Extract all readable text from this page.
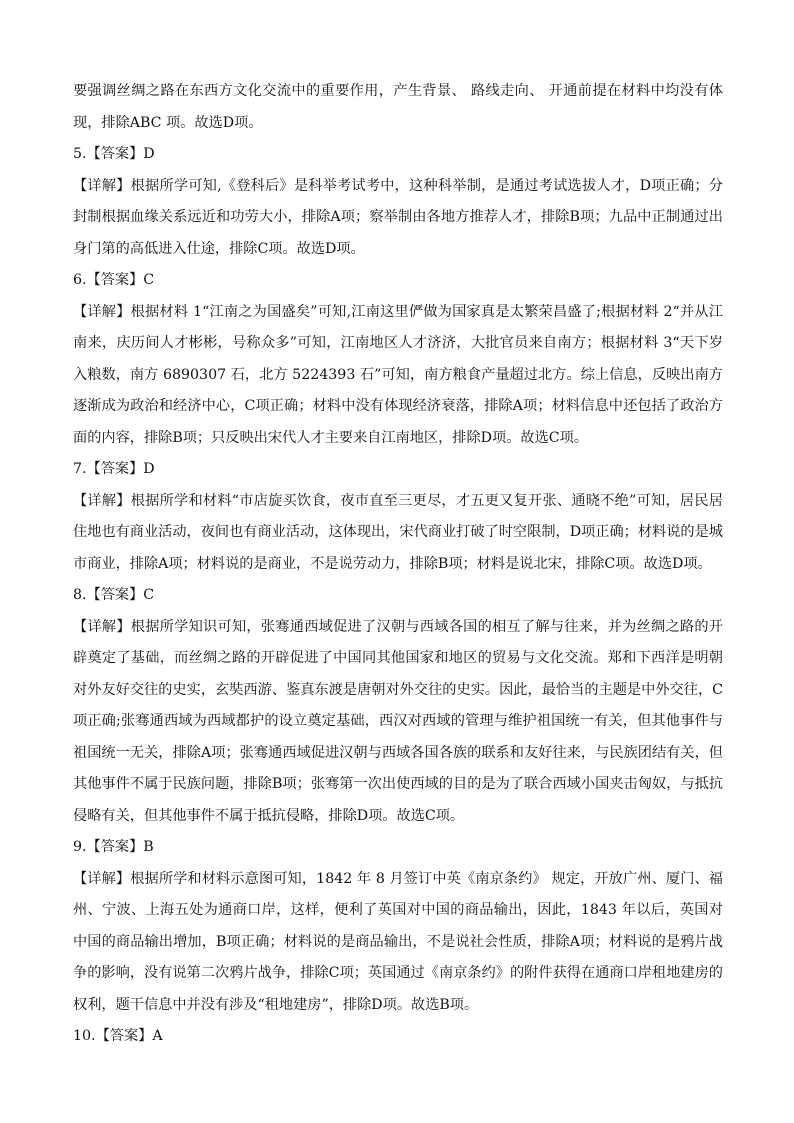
要强调丝绸之路在东西方文化交流中的重要作用，产生背景、 路线走向、 开通前提在材料中均没有体现，排除ABC 项。故选D项。

5.【答案】D

【详解】根据所学可知,《登科后》是科举考试考中，这种科举制，是通过考试选拔人才，D项正确；分封制根据血缘关系远近和功劳大小，排除A项；察举制由各地方推荐人才，排除B项；九品中正制通过出身门第的高低进入仕途，排除C项。故选D项。

6.【答案】C

【详解】根据材料 1“江南之为国盛矣”可知,江南这里俨做为国家真是太繁荣昌盛了;根据材料 2“并从江南来，庆历间人才彬彬，号称众多”可知，江南地区人才济济，大批官员来自南方；根据材料 3“天下岁入粮数，南方 6890307 石，北方 5224393 石”可知，南方粮食产量超过北方。综上信息，反映出南方逐渐成为政治和经济中心，C项正确；材料中没有体现经济衰落，排除A项；材料信息中还包括了政治方面的内容，排除B项；只反映出宋代人才主要来自江南地区，排除D项。故选C项。

7.【答案】D

【详解】根据所学和材料“市店旋买饮食，夜市直至三更尽，才五更又复开张、通晓不绝”可知，居民居住地也有商业活动，夜间也有商业活动，这体现出，宋代商业打破了时空限制，D项正确；材料说的是城市商业，排除A项；材料说的是商业，不是说劳动力，排除B项；材料是说北宋，排除C项。故选D项。

8.【答案】C

【详解】根据所学知识可知，张骞通西域促进了汉朝与西域各国的相互了解与往来，并为丝绸之路的开辟奠定了基础，而丝绸之路的开辟促进了中国同其他国家和地区的贸易与文化交流。郑和下西洋是明朝对外友好交往的史实，玄奘西游、鉴真东渡是唐朝对外交往的史实。因此，最恰当的主题是中外交往，C项正确;张骞通西域为西域都护的设立奠定基础，西汉对西域的管理与维护祖国统一有关，但其他事件与祖国统一无关，排除A项；张骞通西域促进汉朝与西域各国各族的联系和友好往来，与民族团结有关，但其他事件不属于民族问题，排除B项；张骞第一次出使西域的目的是为了联合西域小国夹击匈奴，与抵抗侵略有关，但其他事件不属于抵抗侵略，排除D项。故选C项。

9.【答案】B

【详解】根据所学和材料示意图可知，1842 年 8 月签订中英《南京条约》 规定，开放广州、厦门、福州、宁波、上海五处为通商口岸，这样，便利了英国对中国的商品输出，因此，1843 年以后，英国对中国的商品输出增加，B项正确；材料说的是商品输出，不是说社会性质，排除A项；材料说的是鸦片战争的影响，没有说第二次鸦片战争，排除C项；英国通过《南京条约》的附件获得在通商口岸租地建房的权利，题干信息中并没有涉及“租地建房”，排除D项。故选B项。

10.【答案】A
